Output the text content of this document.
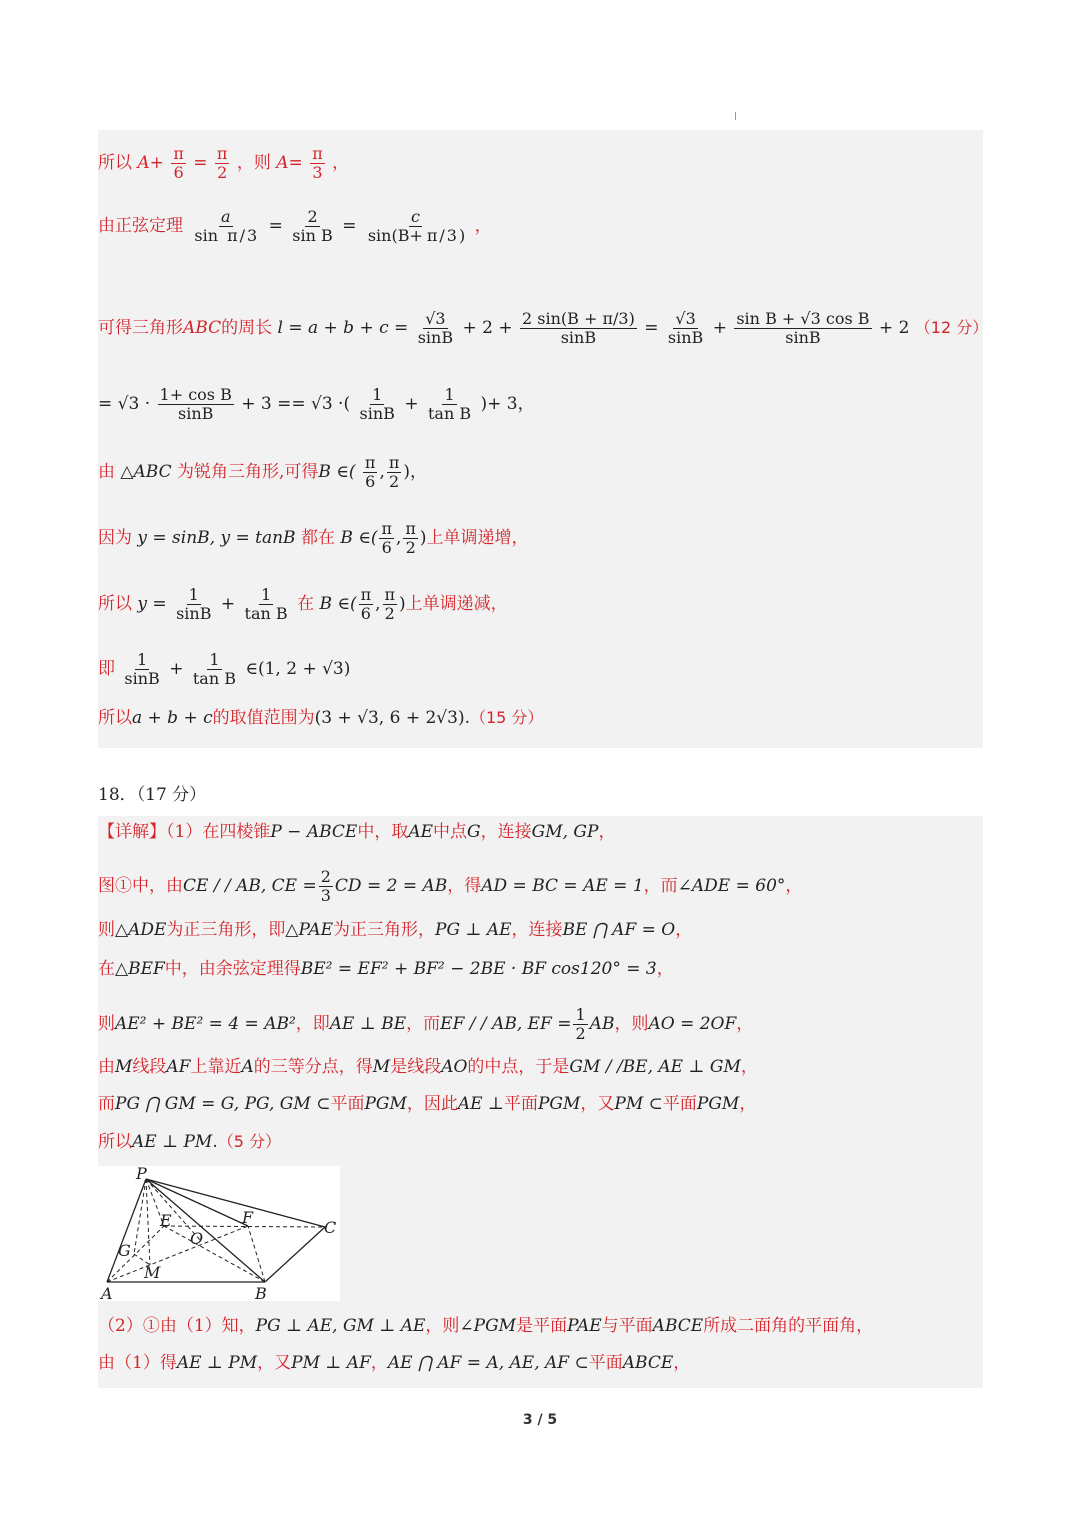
所以 $A+ \frac{\pi}{6} = \frac{\pi}{2}$ ，则 $A= \frac{\pi}{3}$ ，
由正弦定理 $\frac{a}{\text{sin π / 3}} = \frac{2}{\text{sin B}} = \frac{c}{\sin(B+ \pi / 3 )}$ ，
可得三角形ABC的周长 $l = a + b + c = \frac{√3}{\sin B} + 2 + \frac{2 \sin(B + \pi/3)}{\sin B} = \frac{√3}{\sin B} + \frac{\text{sin B + √3 cos B}}{\sin B} + 2$ （12 分）
= $√3 \cdot \frac{\text{1+ cos B}}{\sin B} + 3 == √3$ ·( $\frac{1}{\sin B} + \frac{1}{\text{tan B}}$ )+ 3，
由 △ABC 为锐角三角形,可得B ∈( $\frac{\pi}{6}$ , $\frac{\pi}{2}$ )，
因为 y = sinB, y = tanB 都在 B ∈( $\frac{\pi}{6}$ , $\frac{\pi}{2}$ )上单调递增，
所以 $y = \frac{1}{\sin B} + \frac{1}{\text{tan B}}$ 在 B ∈( $\frac{\pi}{6}$ , $\frac{\pi}{2}$ )上单调递减，
即 $\frac{1}{\sin B} + \frac{1}{\text{tan B}}$ ∈(1, 2 + √3)
所以a + b + c的取值范围为(3 + √3, 6 + 2√3).（15 分）
18．（17 分）
【详解】（1）在四棱锥P − ABCE中，取AE中点G，连接GM, GP，
图①中，由CE / / AB, CE = $\frac{2}{3}$ CD = 2 = AB，得AD = BC = AE = 1，而∠ADE = 60°，
则△ADE为正三角形，即△PAE为正三角形，PG ⊥ AE，连接BE ⋂ AF = O，
在△BEF中，由余弦定理得BE² = EF² + BF² − 2BE · BF cos120° = 3，
则AE² + BE² = 4 = AB²，即AE ⊥ BE，而EF / / AB, EF = $\frac{1}{2}$ AB，则AO = 2OF，
由M线段AF上靠近A的三等分点，得M是线段AO的中点，于是GM / /BE, AE ⊥ GM，
而PG ⋂ GM = G, PG, GM ⊂平面PGM，因此AE ⊥平面PGM，又PM ⊂平面PGM，
所以AE ⊥ PM.（5 分）
P
E	F
C
G
O
M
A	B
（2）①由（1）知，PG ⊥ AE, GM ⊥ AE，则∠PGM是平面PAE与平面ABCE所成二面角的平面角，
由（1）得AE ⊥ PM，又PM ⊥ AF，AE ⋂ AF = A, AE, AF ⊂平面ABCE，
3 / 5
